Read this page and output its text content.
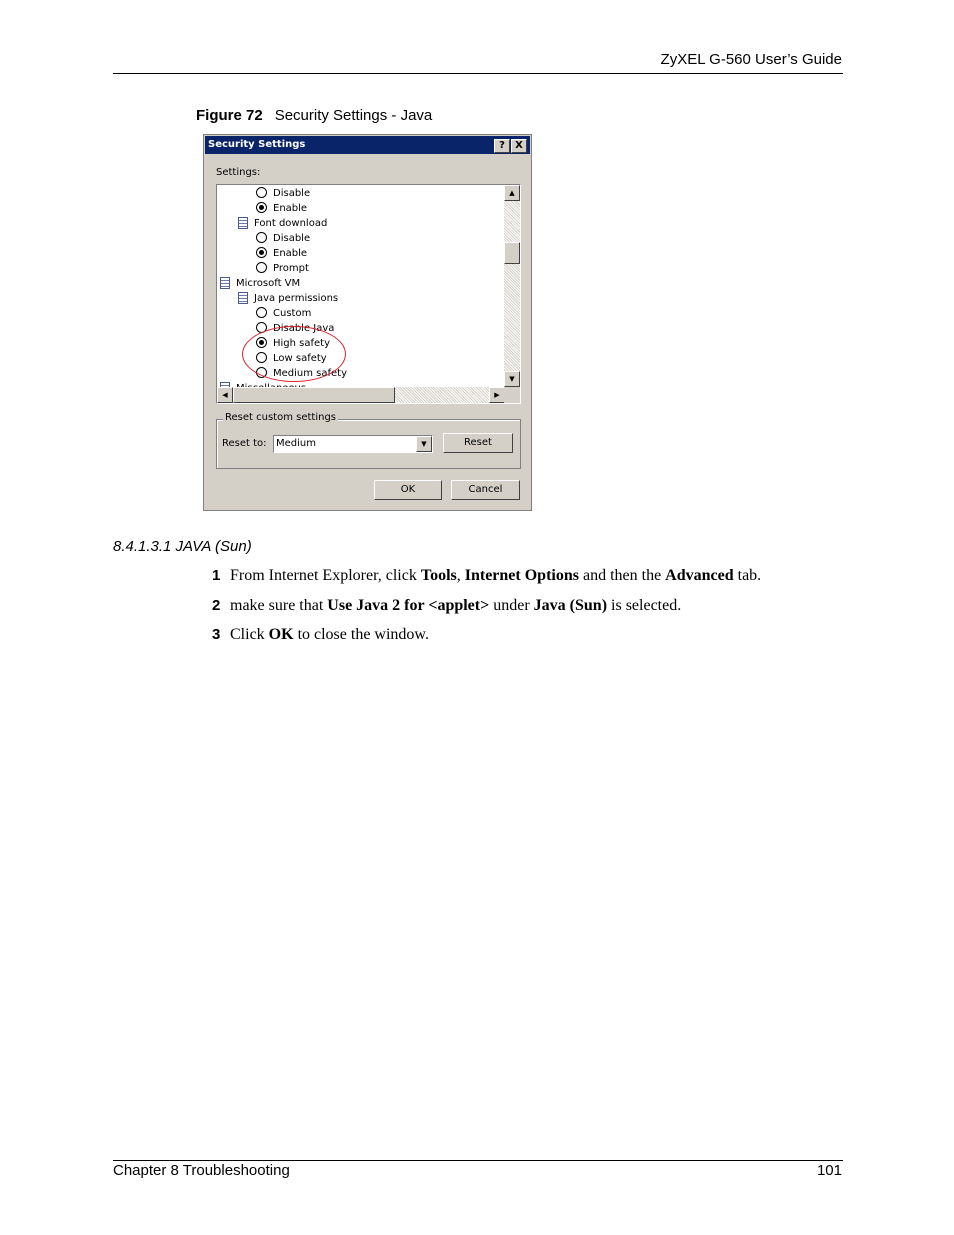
ZyXEL G-560 User’s Guide
Figure 72 Security Settings - Java
Security Settings	?	X
Settings:
Medium safety
Low safety
High safety
Disable Java
Custom
Java permissions
Microsoft VM
Prompt
Enable
Disable
Font download
Enable
Disable	▲
▼
◀	▶
Reset custom settings
Reset to: Medium	▼	Reset
OK	Cancel
8.4.1.3.1 JAVA (Sun)
1 From Internet Explorer, click Tools, Internet Options and then the Advanced tab.
2 make sure that Use Java 2 for <applet> under Java (Sun) is selected.
3 Click OK to close the window.
Chapter 8 Troubleshooting	101
